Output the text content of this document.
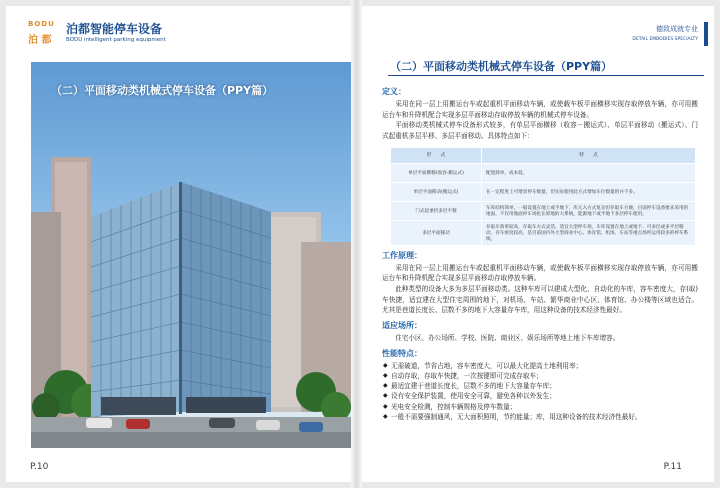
BODU
泊 都
泊都智能停车设备
BODU intelligent parking equipment
（二）平面移动类机械式停车设备（PPY篇）
P.10
德致成就专业
DETAIL EMBODIES SPECIALTY
（二）平面移动类机械式停车设备（PPY篇）
定义：

采用在同一层上用搬运台车或起重机平面移动车辆，或使载车板平面横移实现存取停放车辆，亦可用搬运台车和升降机配合实现多层平面移动存取停放车辆的机械式停车设备。

平面移动类机械式停车设备形式较多，有单层平面横移（收容－搬运式）、单层平面移动（搬运式）、门式起重机多层平移、多层平面移动。具体特点如下：

形　　式	特　　点
单层平面横移(收容-搬运式)	配置简单，成本低。
单层平面移动(搬运式)	在一定程度上可增容停车数量，但实际使用此方式增加车位数量的并不多。
门式起重机多层平移	车库结构简单，一般设置在地上或半地下，库元入方式复杂但存取车方便，目前停车设备要求采用的地面，不仅用地面停车场化在原地的大系统，能源地下或半地下多层停车使用。
多层平面移动	存取车效率较高，存取车方式灵活，适宜大型停车场，车库设置在地上或地下，可多层或多平层移动，存车密度较高，是目前国内外大型商业中心、体育馆、机场、车站等重点场所运用较多的停车系统。
工作原理：

采用在同一层上用搬运台车或起重机平面移动车辆，或使载车板平面横移实现存取停放车辆，亦可用搬运台车和升降机配合实现多层平面移动存取停放车辆。

此种类型的设备大多为多层平面移动类。这种车库可以建成大型化、自动化的车库，容车密度大，存(取)车快捷，适宜建在大型住宅周围的地下，对机场、车站、繁华商业中心区、体育馆、办公楼等区域也适合。尤其是巷道长度长、层数不多的地下大容量存车库，用这种设备的技术经济性最好。

适应场所：

住宅小区、办公场所、学校、医院、商业区、娱乐场所等地上地下车库增容。

性能特点：
◆ 无需破道，节省占地，容车密度大，可以最大化提高土地利用率；
◆ 自动存取，存取车快捷，一次按键即可完成存取车；
◆ 最适宜建于巷道长度长，层数不多的地下大容量存车库；
◆ 设有安全保护装置，使用安全可靠，避免各种以外发生；
◆ 光电安全检测，控制车辆规格及停车数量；
◆ 一般不需要强制通风，无大面积照明，节约能量；库，用这种设备的技术经济性最好。
P.11
